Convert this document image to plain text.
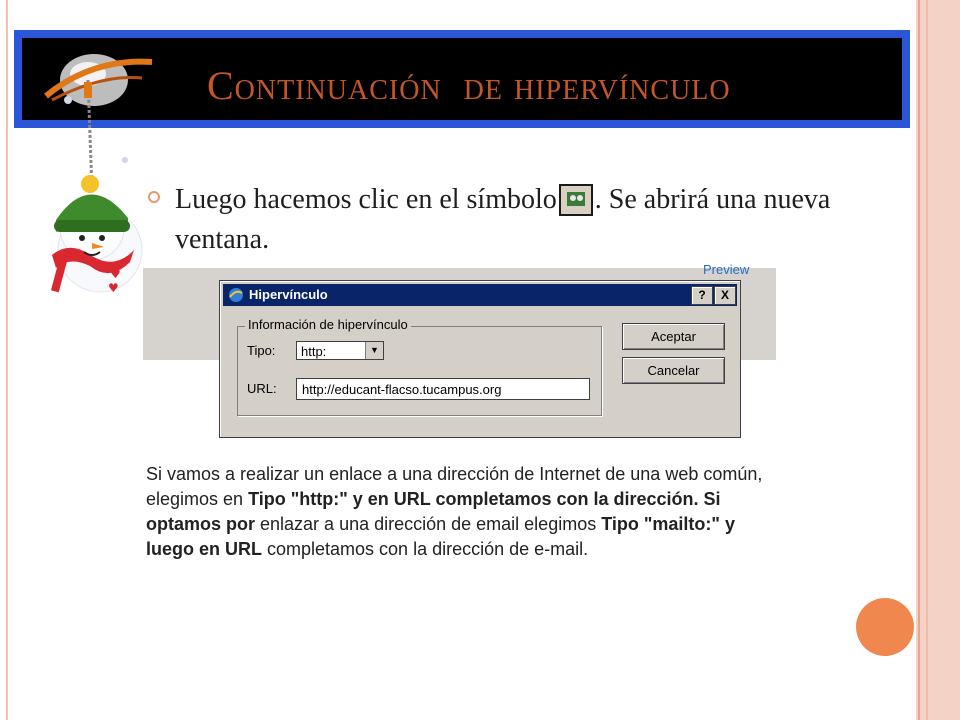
Continuación  de hipervínculo
♥
♥
Luego hacemos clic en el símbolo . Se abrirá una nueva ventana.
Preview
Hipervínculo	?	X
Información de hipervínculo
Tipo: http:	▼
URL: http://educant-flacso.tucampus.org
Aceptar
Cancelar
Si vamos a realizar un enlace a una dirección de Internet de una web común, elegimos en Tipo "http:" y en URL completamos con la dirección. Si optamos por enlazar a una dirección de email elegimos Tipo "mailto:" y luego en URL completamos con la dirección de e-mail.
